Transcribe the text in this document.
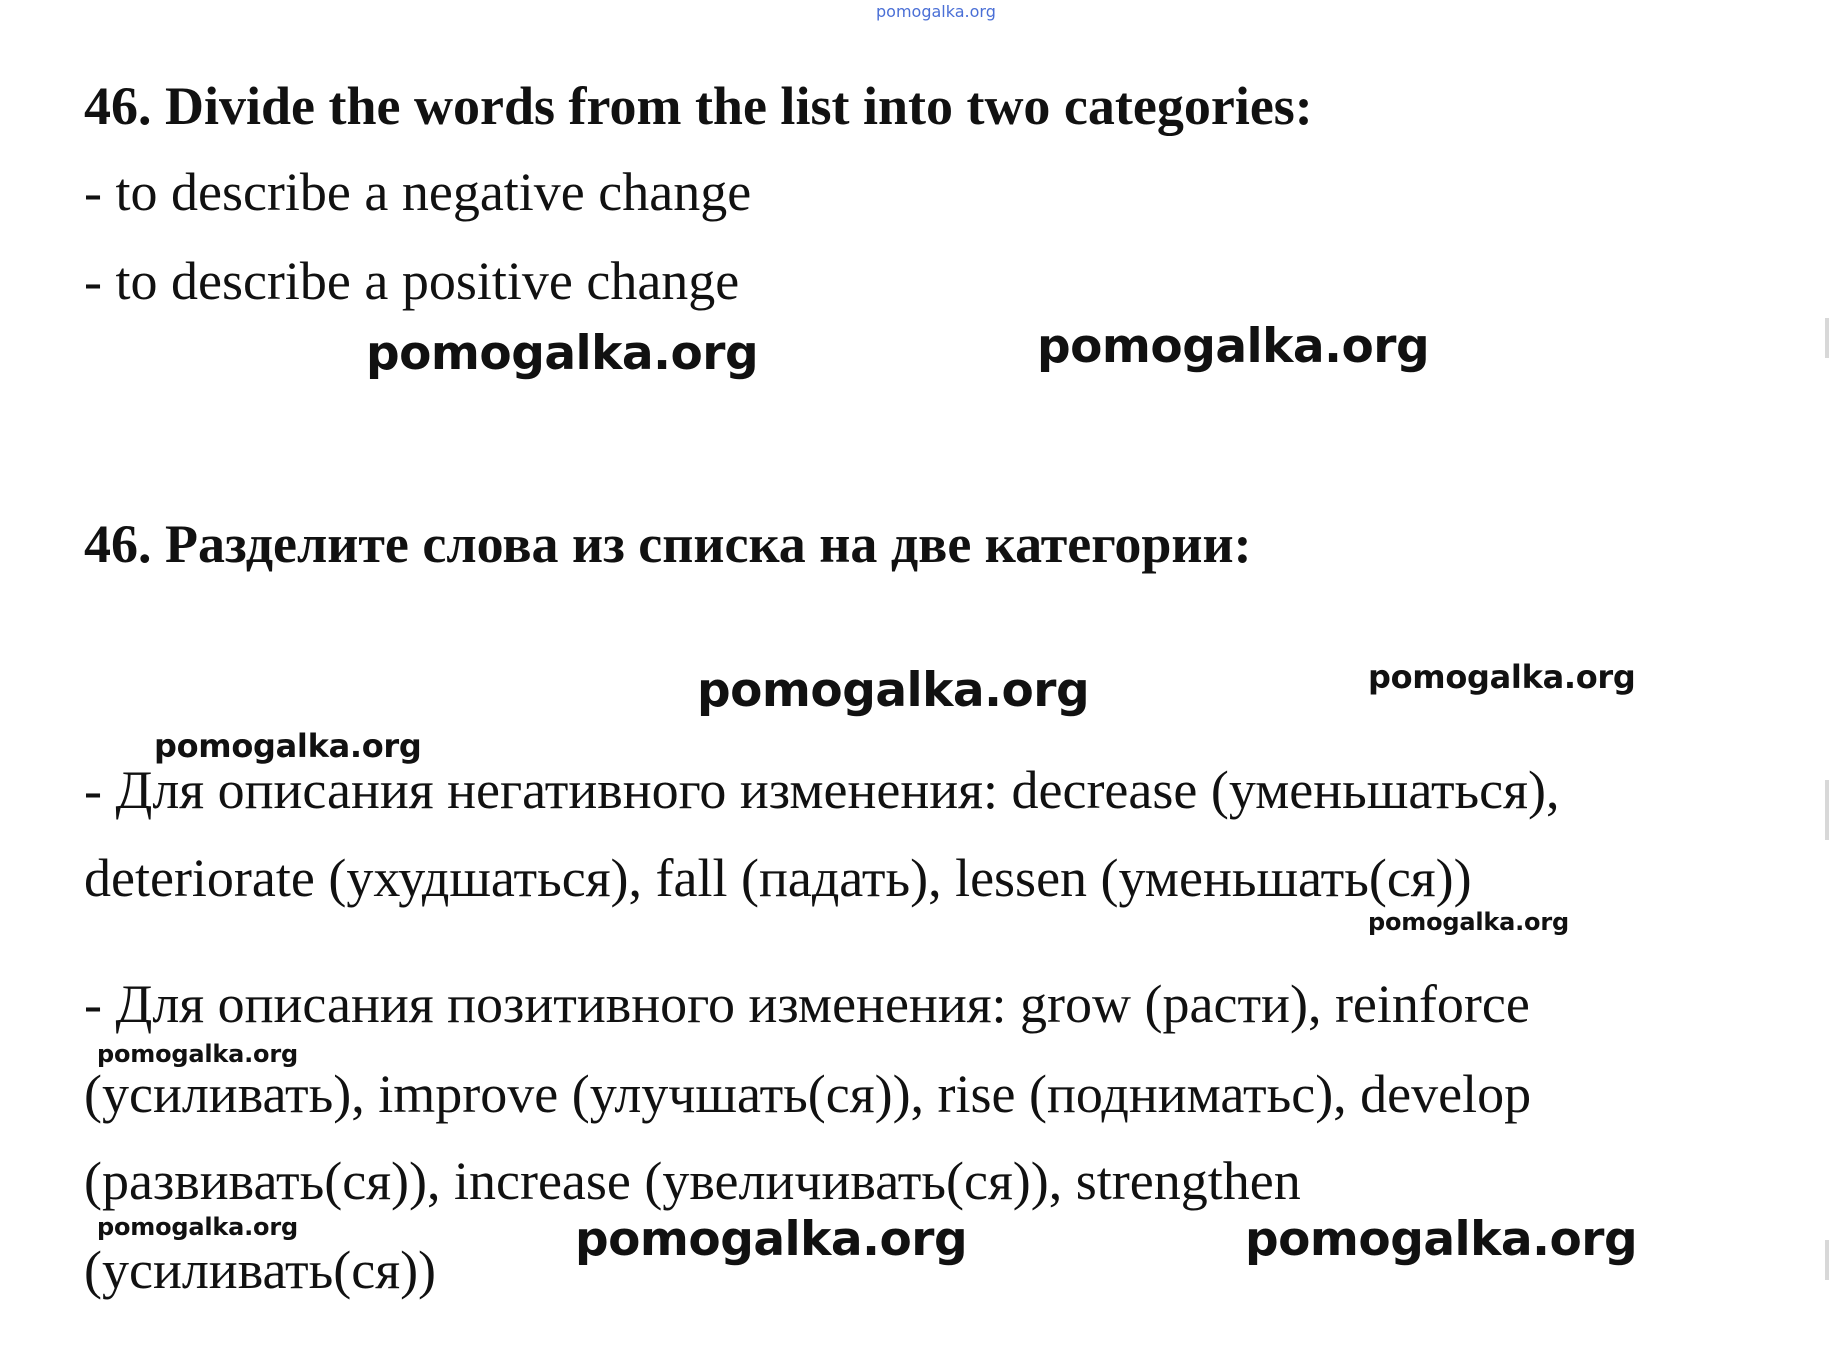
pomogalka.org
46. Divide the words from the list into two categories:
- to describe a negative change
- to describe a positive change
pomogalka.org	pomogalka.org
46. Разделите слова из списка на две категории:
pomogalka.org	pomogalka.org
pomogalka.org
- Для описания негативного изменения: decrease (уменьшаться),
deteriorate (ухудшаться), fall (падать), lessen (уменьшать(ся))
pomogalka.org
- Для описания позитивного изменения: grow (расти), reinforce
pomogalka.org
(усиливать), improve (улучшать(ся)), rise (подниматьс), develop
(развивать(ся)), increase (увеличивать(ся)), strengthen
pomogalka.org	pomogalka.org	pomogalka.org
(усиливать(ся))
